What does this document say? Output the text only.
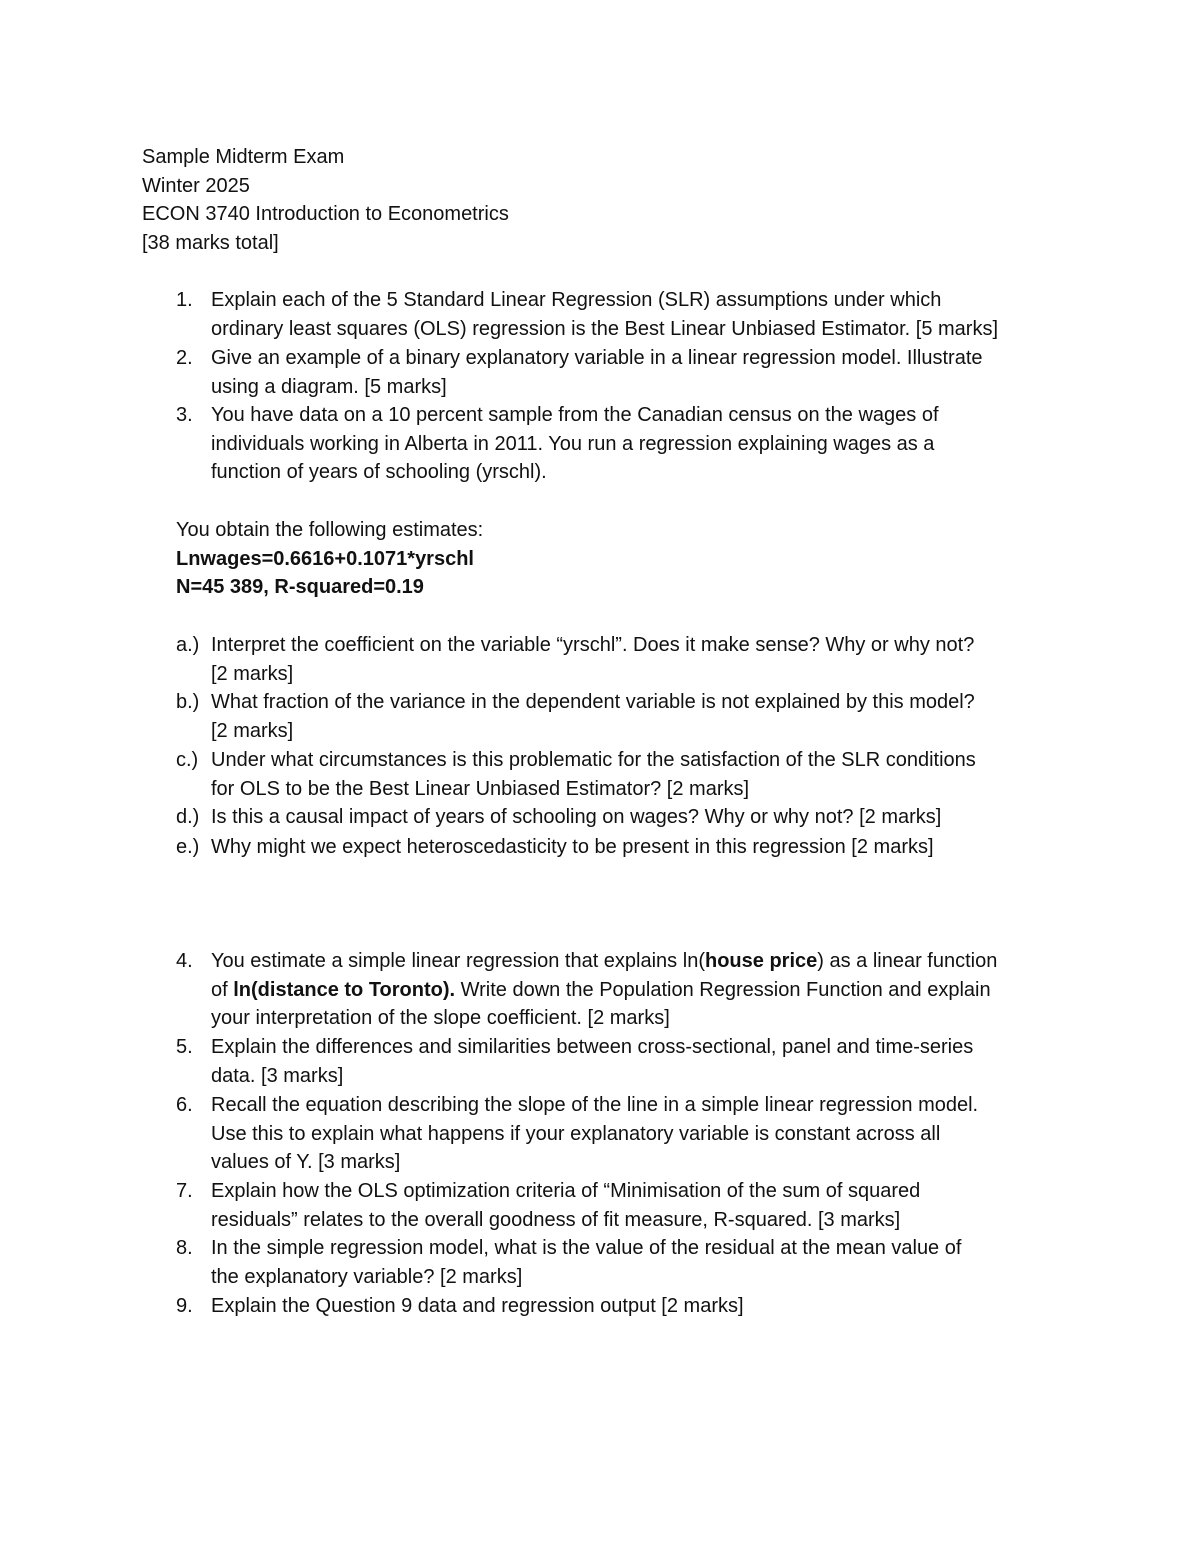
Sample Midterm Exam
Winter 2025
ECON 3740 Introduction to Econometrics
[38 marks total]
1. Explain each of the 5 Standard Linear Regression (SLR) assumptions under which
ordinary least squares (OLS) regression is the Best Linear Unbiased Estimator. [5 marks]
2. Give an example of a binary explanatory variable in a linear regression model. Illustrate
using a diagram. [5 marks]
3. You have data on a 10 percent sample from the Canadian census on the wages of
individuals working in Alberta in 2011. You run a regression explaining wages as a
function of years of schooling (yrschl).
You obtain the following estimates:
Lnwages=0.6616+0.1071*yrschl
N=45 389, R-squared=0.19
a.) Interpret the coefficient on the variable “yrschl”. Does it make sense? Why or why not?
[2 marks]
b.) What fraction of the variance in the dependent variable is not explained by this model?
[2 marks]
c.) Under what circumstances is this problematic for the satisfaction of the SLR conditions
for OLS to be the Best Linear Unbiased Estimator? [2 marks]
d.) Is this a causal impact of years of schooling on wages? Why or why not? [2 marks]
e.) Why might we expect heteroscedasticity to be present in this regression [2 marks]
4. You estimate a simple linear regression that explains ln(house price) as a linear function
of ln(distance to Toronto). Write down the Population Regression Function and explain
your interpretation of the slope coefficient. [2 marks]
5. Explain the differences and similarities between cross-sectional, panel and time-series
data. [3 marks]
6. Recall the equation describing the slope of the line in a simple linear regression model.
Use this to explain what happens if your explanatory variable is constant across all
values of Y. [3 marks]
7. Explain how the OLS optimization criteria of “Minimisation of the sum of squared
residuals” relates to the overall goodness of fit measure, R-squared. [3 marks]
8. In the simple regression model, what is the value of the residual at the mean value of
the explanatory variable? [2 marks]
9. Explain the Question 9 data and regression output [2 marks]
